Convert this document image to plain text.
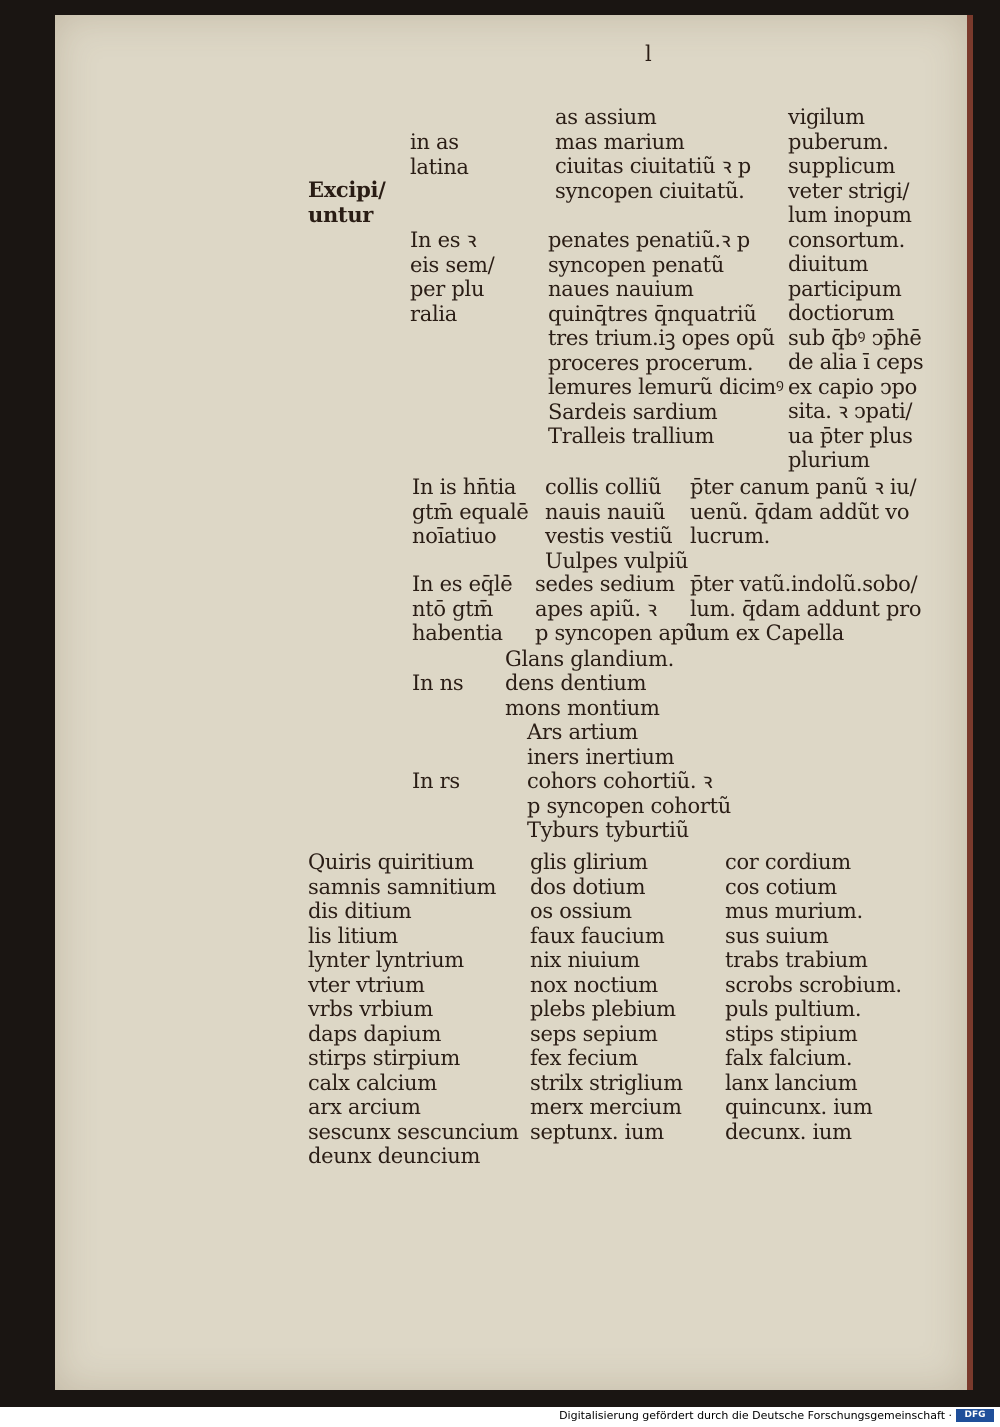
l
Excipi/
untur
in as
latina
as assium
mas marium
ciuitas ciuitatiũ ꝛ p
syncopen ciuitatũ.
vigilum
puberum.
supplicum
veter strigi/
lum inopum
consortum.
diuitum
participum
doctiorum
sub q̄bꝰ ↄp̄hē
de alia ī ceps
ex capio ↄpo
sita. ꝛ ↄpati/
ua p̄ter plus
plurium
In es ꝛ
eis sem/
per plu
ralia
penates penatiũ.ꝛ p
syncopen penatũ
naues nauium
quinq̄tres q̄nquatriũ
tres trium.iꝫ opes opũ
proceres procerum.
lemures lemurũ dicimꝰ
Sardeis sardium
Tralleis trallium
In is hn̄tia
gtm̄ equalē
noīatiuo
collis colliũ
nauis nauiũ
vestis vestiũ
Uulpes vulpiũ
p̄ter canum panũ ꝛ iu/
uenũ. q̄dam addũt vo
lucrum.
In es eq̄lē
ntō gtm̄
habentia
sedes sedium
apes apiũ. ꝛ
p syncopen apũ
p̄ter vatũ.indolũ.sobo/
lum. q̄dam addunt pro
lum ex Capella
Glans glandium.
In ns dens dentium
mons montium
Ars artium
iners inertium
In rs	cohors cohortiũ. ꝛ
p syncopen cohortũ
Tyburs tyburtiũ
Quiris quiritium
samnis samnitium
dis ditium
lis litium
lynter lyntrium
vter vtrium
vrbs vrbium
daps dapium
stirps stirpium
calx calcium
arx arcium
sescunx sescuncium
deunx deuncium
glis glirium
dos dotium
os ossium
faux faucium
nix niuium
nox noctium
plebs plebium
seps sepium
fex fecium
strilx striglium
merx mercium
septunx. ium
cor cordium
cos cotium
mus murium.
sus suium
trabs trabium
scrobs scrobium.
puls pultium.
stips stipium
falx falcium.
lanx lancium
quincunx. ium
decunx. ium
Digitalisierung gefördert durch die Deutsche Forschungsgemeinschaft ·	DFG
